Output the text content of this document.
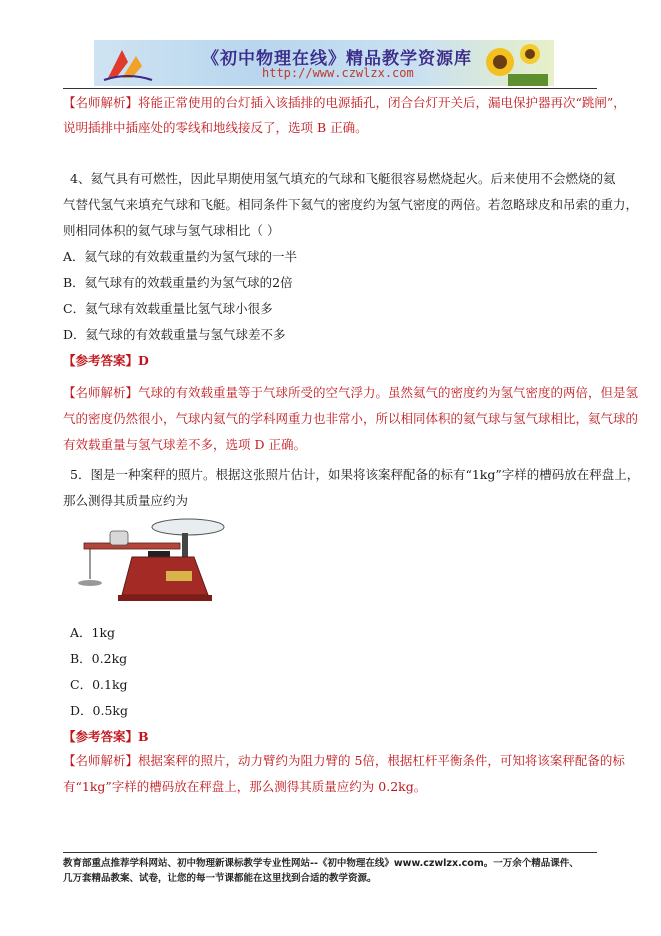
《初中物理在线》精品教学资源库
http://www.czwlzx.com
【名师解析】将能正常使用的台灯插入该插排的电源插孔，闭合台灯开关后，漏电保护器再次“跳闸”，
说明插排中插座处的零线和地线接反了，选项 B 正确。
4、氦气具有可燃性，因此早期使用氢气填充的气球和飞艇很容易燃烧起火。后来使用不会燃烧的氦
气替代氢气来填充气球和飞艇。相同条件下氦气的密度约为氢气密度的两倍。若忽略球皮和吊索的重力，
则相同体积的氦气球与氢气球相比（ ）
A．氦气球的有效载重量约为氢气球的一半
B．氦气球有的效载重量约为氢气球的2倍
C．氦气球有效载重量比氢气球小很多
D．氦气球的有效载重量与氢气球差不多
【参考答案】D
【名师解析】气球的有效载重量等于气球所受的空气浮力。虽然氦气的密度约为氢气密度的两倍，但是氢
气的密度仍然很小，气球内氦气的学科网重力也非常小，所以相同体积的氦气球与氢气球相比，氦气球的
有效载重量与氢气球差不多，选项 D 正确。
5．图是一种案秤的照片。根据这张照片估计，如果将该案秤配备的标有“1kg”字样的槽码放在秤盘上，
那么测得其质量应约为
A．1kg
B．0.2kg
C．0.1kg
D．0.5kg
【参考答案】B
【名师解析】根据案秤的照片，动力臂约为阻力臂的 5倍，根据杠杆平衡条件，可知将该案秤配备的标
有“1kg”字样的槽码放在秤盘上，那么测得其质量应约为 0.2kg。
教育部重点推荐学科网站、初中物理新课标教学专业性网站--《初中物理在线》www.czwlzx.com。一万余个精品课件、
几万套精品教案、试卷，让您的每一节课都能在这里找到合适的教学资源。
